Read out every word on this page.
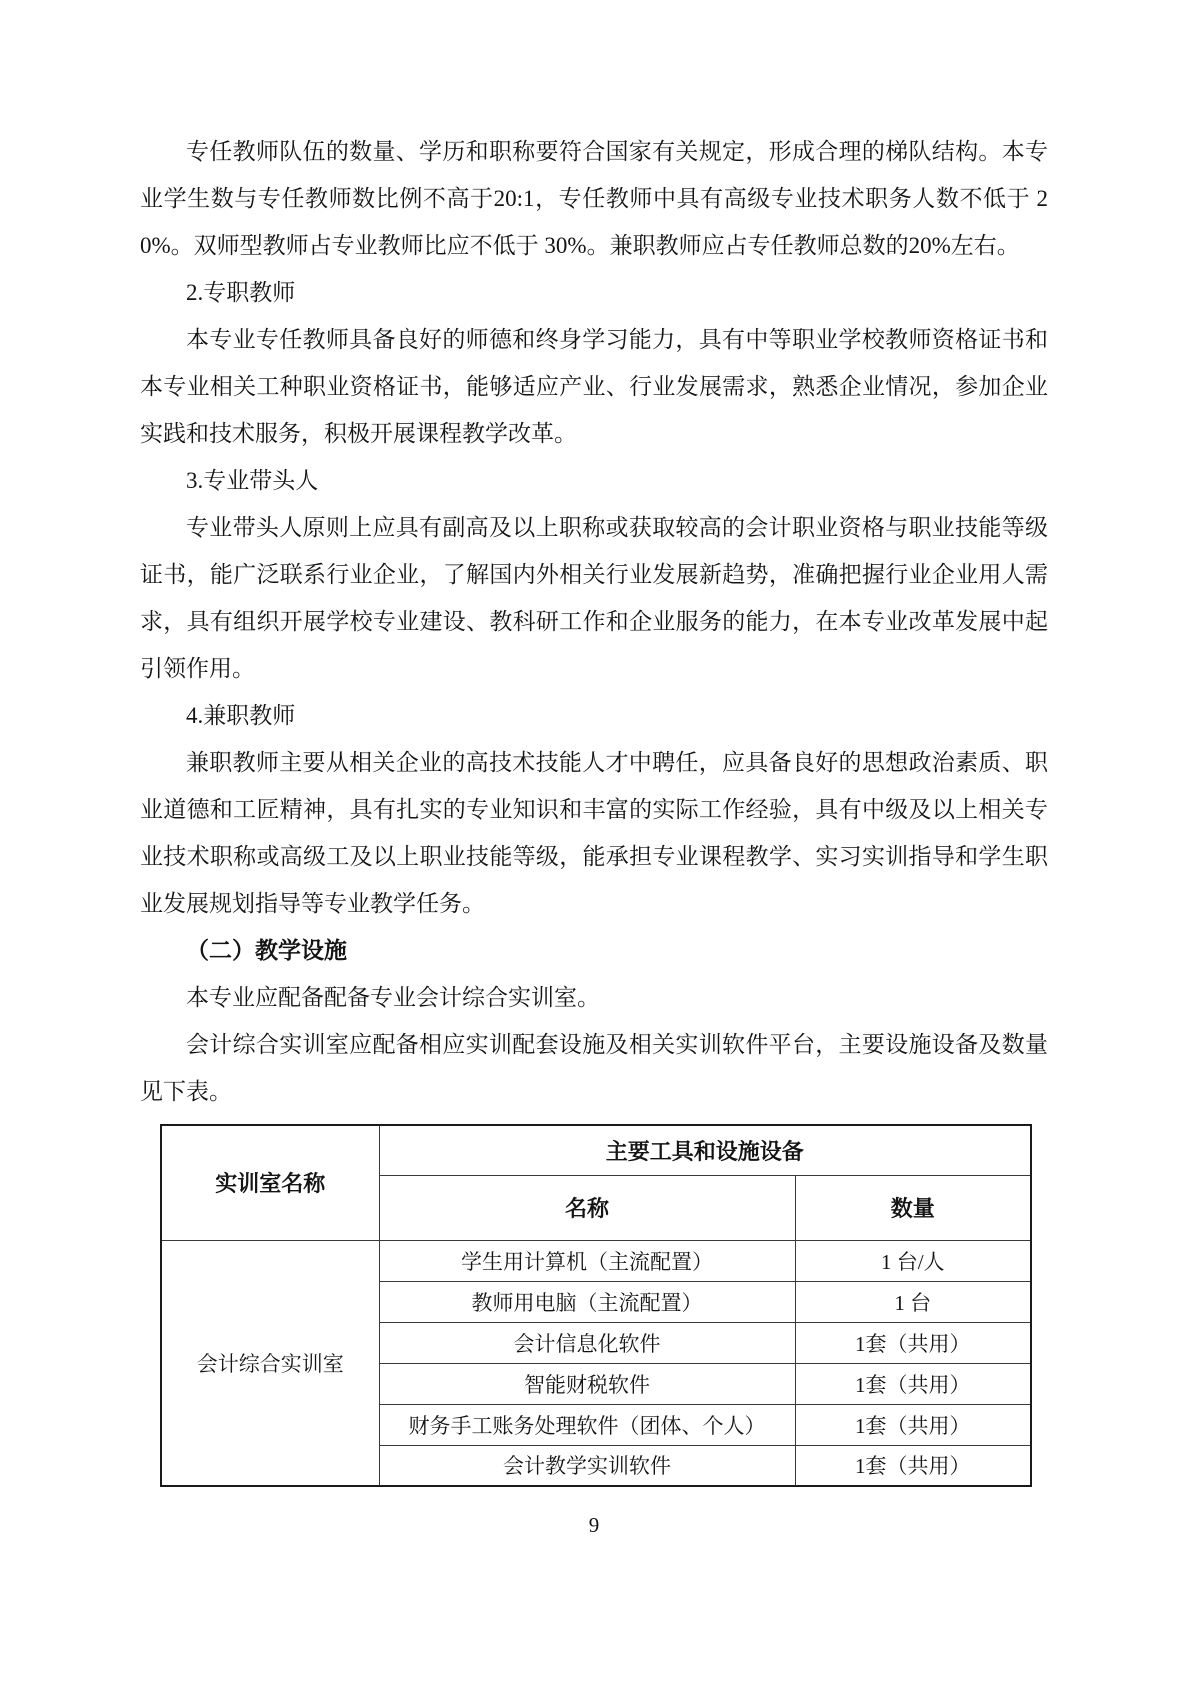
专任教师队伍的数量、学历和职称要符合国家有关规定，形成合理的梯队结构。本专业学生数与专任教师数比例不高于20:1，专任教师中具有高级专业技术职务人数不低于 20%。双师型教师占专业教师比应不低于 30%。兼职教师应占专任教师总数的20%左右。

2.专职教师

本专业专任教师具备良好的师德和终身学习能力，具有中等职业学校教师资格证书和本专业相关工种职业资格证书，能够适应产业、行业发展需求，熟悉企业情况，参加企业实践和技术服务，积极开展课程教学改革。

3.专业带头人

专业带头人原则上应具有副高及以上职称或获取较高的会计职业资格与职业技能等级证书，能广泛联系行业企业，了解国内外相关行业发展新趋势，准确把握行业企业用人需求，具有组织开展学校专业建设、教科研工作和企业服务的能力，在本专业改革发展中起引领作用。

4.兼职教师

兼职教师主要从相关企业的高技术技能人才中聘任，应具备良好的思想政治素质、职业道德和工匠精神，具有扎实的专业知识和丰富的实际工作经验，具有中级及以上相关专业技术职称或高级工及以上职业技能等级，能承担专业课程教学、实习实训指导和学生职业发展规划指导等专业教学任务。

（二）教学设施

本专业应配备配备专业会计综合实训室。

会计综合实训室应配备相应实训配套设施及相关实训软件平台，主要设施设备及数量见下表。

实训室名称	主要工具和设施设备	
	名称	数量
会计综合实训室	学生用计算机（主流配置）	1 台/人
	教师用电脑（主流配置）	1 台
	会计信息化软件	1套（共用）
	智能财税软件	1套（共用）
	财务手工账务处理软件（团体、个人）	1套（共用）
	会计教学实训软件	1套（共用）
9
